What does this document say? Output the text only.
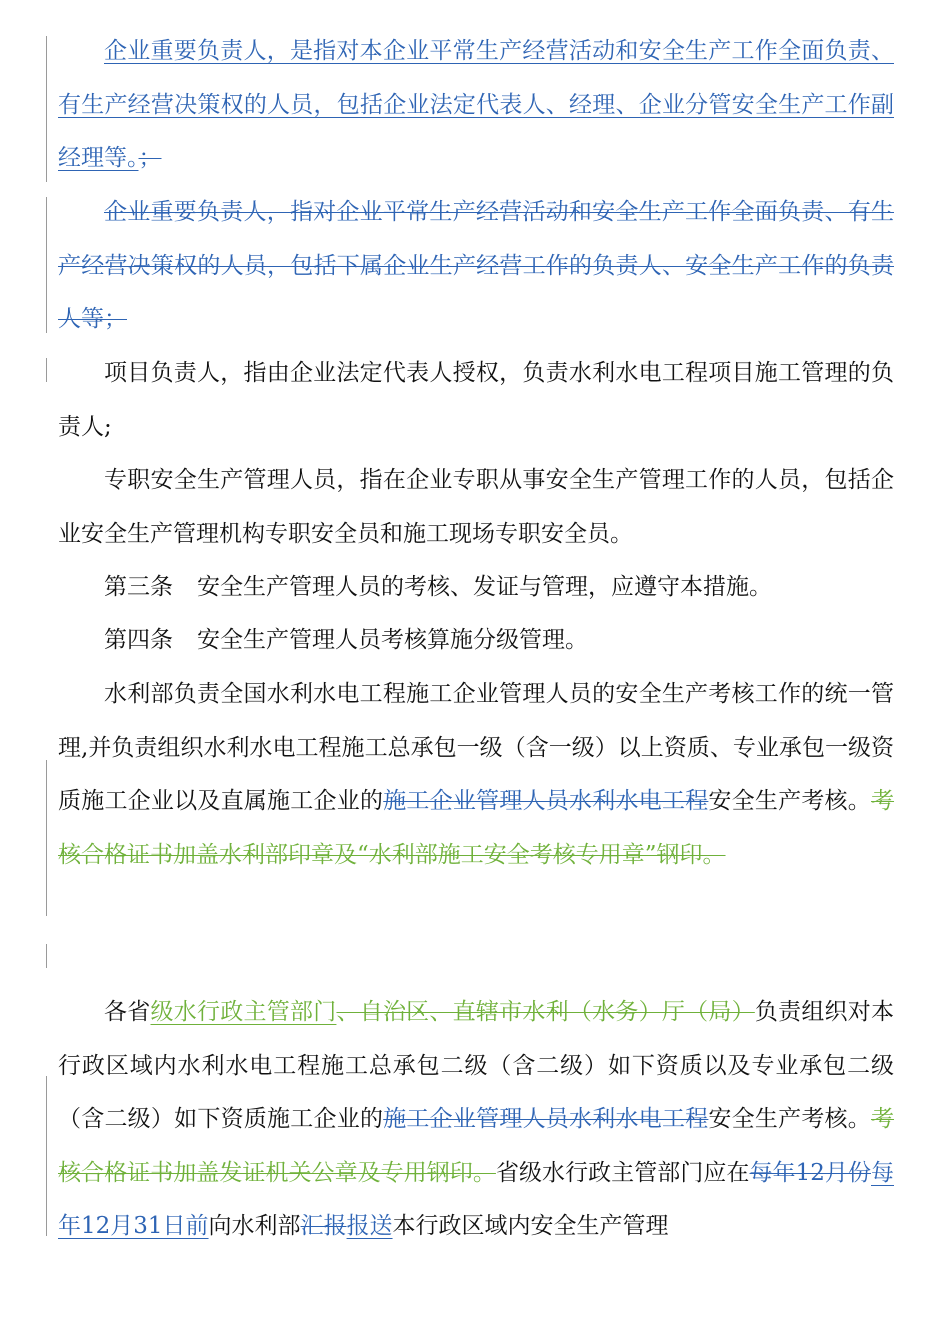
企业重要负责人，是指对本企业平常生产经营活动和安全生产工作全面负责、有生产经营决策权的人员，包括企业法定代表人、经理、企业分管安全生产工作副经理等。；

企业重要负责人，指对企业平常生产经营活动和安全生产工作全面负责、有生产经营决策权的人员，包括下属企业生产经营工作的负责人、安全生产工作的负责人等；

项目负责人，指由企业法定代表人授权，负责水利水电工程项目施工管理的负责人;

专职安全生产管理人员，指在企业专职从事安全生产管理工作的人员，包括企业安全生产管理机构专职安全员和施工现场专职安全员。

第三条 安全生产管理人员的考核、发证与管理，应遵守本措施。

第四条 安全生产管理人员考核算施分级管理。

水利部负责全国水利水电工程施工企业管理人员的安全生产考核工作的统一管理,并负责组织水利水电工程施工总承包一级（含一级）以上资质、专业承包一级资质施工企业以及直属施工企业的施工企业管理人员水利水电工程安全生产考核。考核合格证书加盖水利部印章及“水利部施工安全考核专用章”钢印。

各省级水行政主管部门、自治区、直辖市水利（水务）厅（局）负责组织对本行政区域内水利水电工程施工总承包二级（含二级）如下资质以及专业承包二级（含二级）如下资质施工企业的施工企业管理人员水利水电工程安全生产考核。考核合格证书加盖发证机关公章及专用钢印。省级水行政主管部门应在每年12月份每年12月31日前向水利部汇报报送本行政区域内安全生产管理
